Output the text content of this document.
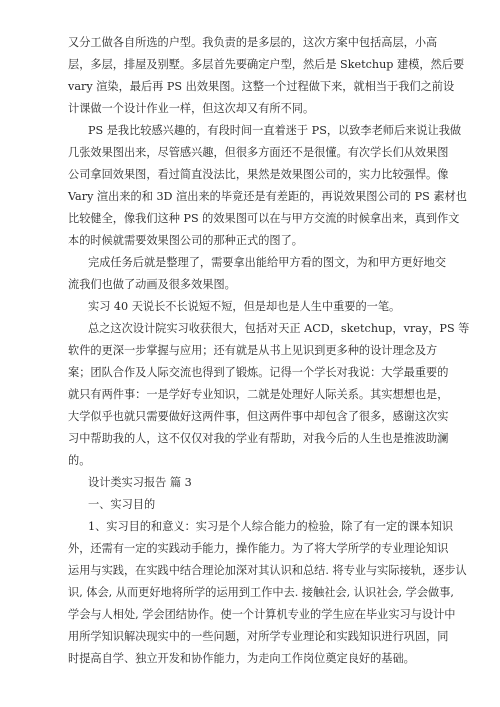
又分工做各自所选的户型。我负责的是多层的，这次方案中包括高层，小高
层，多层，排屋及别墅。多层首先要确定户型，然后是 Sketchup 建模，然后要
vary 渲染，最后再 PS 出效果图。这整一个过程做下来，就相当于我们之前设
计课做一个设计作业一样，但这次却又有所不同。
PS 是我比较感兴趣的，有段时间一直着迷于 PS，以致李老师后来说让我做
几张效果图出来，尽管感兴趣，但很多方面还不是很懂。有次学长们从效果图
公司拿回效果图，看过简直没法比，果然是效果图公司的，实力比较强悍。像
Vary 渲出来的和 3D 渲出来的毕竟还是有差距的，再说效果图公司的 PS 素材也
比较健全，像我们这种 PS 的效果图可以在与甲方交流的时候拿出来，真到作文
本的时候就需要效果图公司的那种正式的图了。
完成任务后就是整理了，需要拿出能给甲方看的图文，为和甲方更好地交
流我们也做了动画及很多效果图。
实习 40 天说长不长说短不短，但是却也是人生中重要的一笔。
总之这次设计院实习收获很大，包括对天正 ACD，sketchup，vray，PS 等
软件的更深一步掌握与应用；还有就是从书上见识到更多种的设计理念及方
案；团队合作及人际交流也得到了锻炼。记得一个学长对我说：大学最重要的
就只有两件事：一是学好专业知识，二就是处理好人际关系。其实想想也是，
大学似乎也就只需要做好这两件事，但这两件事中却包含了很多，感谢这次实
习中帮助我的人，这不仅仅对我的学业有帮助，对我今后的人生也是推波助澜
的。
设计类实习报告 篇 3
一、实习目的
1、实习目的和意义：实习是个人综合能力的检验，除了有一定的课本知识
外，还需有一定的实践动手能力，操作能力。为了将大学所学的专业理论知识
运用与实践，在实践中结合理论加深对其认识和总结. 将专业与实际接轨，逐步认
识, 体会, 从而更好地将所学的运用到工作中去. 接触社会, 认识社会, 学会做事,
学会与人相处, 学会团结协作。使一个计算机专业的学生应在毕业实习与设计中
用所学知识解决现实中的一些问题，对所学专业理论和实践知识进行巩固，同
时提高自学、独立开发和协作能力，为走向工作岗位奠定良好的基础。
